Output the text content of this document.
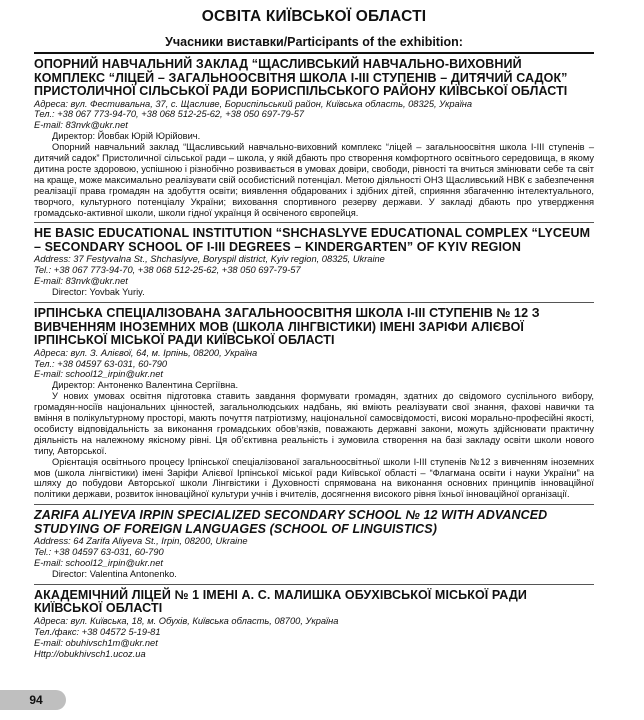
ОСВІТА КИЇВСЬКОЇ ОБЛАСТІ
Учасники виставки/Participants of the exhibition:
ОПОРНИЙ НАВЧАЛЬНИЙ ЗАКЛАД “ЩАСЛИВСЬКИЙ НАВЧАЛЬНО-ВИХОВНИЙ КОМПЛЕКС “ЛІЦЕЙ – ЗАГАЛЬНООСВІТНЯ ШКОЛА І-ІІІ СТУПЕНІВ – ДИТЯЧИЙ САДОК” ПРИСТОЛИЧНОЇ СІЛЬСЬКОЇ РАДИ БОРИСПІЛЬСЬКОГО РАЙОНУ КИЇВСЬКОЇ ОБЛАСТІ
Адреса: вул. Фестивальна, 37, с. Щасливе, Бориспільський район, Київська область, 08325, Україна
Тел.: +38 067 773-94-70, +38 068 512-25-62, +38 050 697-79-57
E-mail: 83nvk@ukr.net
Директор: Йовбак Юрій Юрійович.
Опорний навчальний заклад “Щасливський навчально-виховний комплекс “ліцей – загальноосвітня школа І-ІІІ ступенів – дитячий садок” Пристоличної сільської ради – школа, у якій дбають про створення комфортного освітнього середовища, в якому дитина росте здоровою, успішною і різнобічно розвивається в умовах довіри, свободи, рівності та вчиться змінювати себе та світ на краще, може максимально реалізувати свій особистісний потенціал. Метою діяльності ОНЗ Щасливський НВК є забезпечення реалізації права громадян на здобуття освіти; виявлення обдарованих і здібних дітей, сприяння збагаченню інтелектуального, творчого, культурного потенціалу України; виховання спортивного резерву держави. У закладі дбають про утвердження громадсько-активної школи, школи гідної українця й освіченого європейця.
HE BASIC EDUCATIONAL INSTITUTION “SHCHASLYVE EDUCATIONAL COMPLEX “LYCEUM – SECONDARY SCHOOL OF I-III DEGREES – KINDERGARTEN” OF KYIV REGION
Address: 37 Festyvalna St., Shchaslyve, Boryspil district, Kyiv region, 08325, Ukraine
Tel.: +38 067 773-94-70, +38 068 512-25-62, +38 050 697-79-57
E-mail: 83nvk@ukr.net
Director: Yovbak Yuriy.
ІРПІНСЬКА СПЕЦІАЛІЗОВАНА ЗАГАЛЬНООСВІТНЯ ШКОЛА І-ІІІ СТУПЕНІВ № 12 З ВИВЧЕННЯМ ІНОЗЕМНИХ МОВ (ШКОЛА ЛІНГВІСТИКИ) ІМЕНІ ЗАРІФИ АЛІЄВОЇ ІРПІНСЬКОЇ МІСЬКОЇ РАДИ КИЇВСЬКОЇ ОБЛАСТІ
Адреса: вул. З. Алієвої, 64, м. Ірпінь, 08200, Україна
Тел.: +38 04597 63-031, 60-790
E-mail: school12_irpin@ukr.net
Директор: Антоненко Валентина Сергіївна.
У нових умовах освітня підготовка ставить завдання формувати громадян, здатних до свідомого суспільного вибору, громадян-носіїв національних цінностей, загальнолюдських надбань, які вміють реалізувати свої знання, фахові навички та вміння в полікультурному просторі, мають почуття патріотизму, національної самосвідомості, високі морально-професійні якості, особисту відповідальність за виконання громадських обов’язків, поважають державні закони, можуть здійснювати практичну діяльність на належному якісному рівні. Ця об’єктивна реальність і зумовила створення на базі закладу освіти школи нового типу, Авторської.
Орієнтація освітнього процесу Ірпінської спеціалізованої загальноосвітньої школи І-ІІІ ступенів №12 з вивченням іноземних мов (школа лінгвістики) імені Заріфи Алієвої Ірпінської міської ради Київської області – “Флагмана освіти і науки України” на шляху до побудови Авторської школи Лінгвістики і Духовності спрямована на виконання основних принципів інноваційної політики держави, розвиток інноваційної культури учнів і вчителів, досягнення високого рівня їхньої інноваційної організації.
ZARIFA ALIYEVA IRPIN SPECIALIZED SECONDARY SCHOOL № 12 WITH ADVANCED STUDYING OF FOREIGN LANGUAGES (SCHOOL OF LINGUISTICS)
Address: 64 Zarifa Aliyeva St., Irpin, 08200, Ukraine
Tel.: +38 04597 63-031, 60-790
E-mail: school12_irpin@ukr.net
Director: Valentina Antonenko.
АКАДЕМІЧНИЙ ЛІЦЕЙ № 1 ІМЕНІ А. С. МАЛИШКА ОБУХІВСЬКОЇ МІСЬКОЇ РАДИ КИЇВСЬКОЇ ОБЛАСТІ
Адреса: вул. Київська, 18, м. Обухів, Київська область, 08700, Україна
Тел./факс: +38 04572 5-19-81
E-mail: obuhivsch1m@ukr.net
Http://obukhivsch1.ucoz.ua
94
